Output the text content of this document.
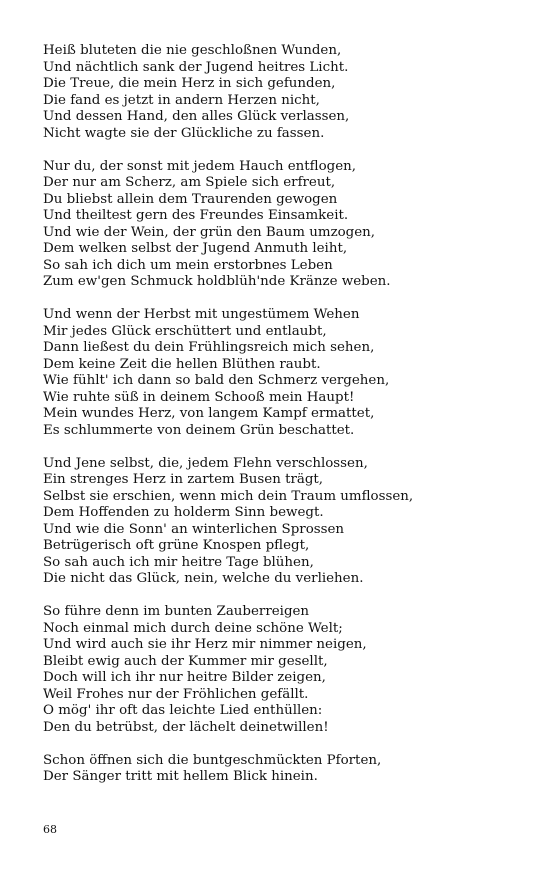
Heiß bluteten die nie geschloßnen Wunden,
Und nächtlich sank der Jugend heitres Licht.
Die Treue, die mein Herz in sich gefunden,
Die fand es jetzt in andern Herzen nicht,
Und dessen Hand, den alles Glück verlassen,
Nicht wagte sie der Glückliche zu fassen.
Nur du, der sonst mit jedem Hauch entflogen,
Der nur am Scherz, am Spiele sich erfreut,
Du bliebst allein dem Traurenden gewogen
Und theiltest gern des Freundes Einsamkeit.
Und wie der Wein, der grün den Baum umzogen,
Dem welken selbst der Jugend Anmuth leiht,
So sah ich dich um mein erstorbnes Leben
Zum ew'gen Schmuck holdblüh'nde Kränze weben.
Und wenn der Herbst mit ungestümem Wehen
Mir jedes Glück erschüttert und entlaubt,
Dann ließest du dein Frühlingsreich mich sehen,
Dem keine Zeit die hellen Blüthen raubt.
Wie fühlt' ich dann so bald den Schmerz vergehen,
Wie ruhte süß in deinem Schooß mein Haupt!
Mein wundes Herz, von langem Kampf ermattet,
Es schlummerte von deinem Grün beschattet.
Und Jene selbst, die, jedem Flehn verschlossen,
Ein strenges Herz in zartem Busen trägt,
Selbst sie erschien, wenn mich dein Traum umflossen,
Dem Hoffenden zu holderm Sinn bewegt.
Und wie die Sonn' an winterlichen Sprossen
Betrügerisch oft grüne Knospen pflegt,
So sah auch ich mir heitre Tage blühen,
Die nicht das Glück, nein, welche du verliehen.
So führe denn im bunten Zauberreigen
Noch einmal mich durch deine schöne Welt;
Und wird auch sie ihr Herz mir nimmer neigen,
Bleibt ewig auch der Kummer mir gesellt,
Doch will ich ihr nur heitre Bilder zeigen,
Weil Frohes nur der Fröhlichen gefällt.
O mög' ihr oft das leichte Lied enthüllen:
Den du betrübst, der lächelt deinetwillen!
Schon öffnen sich die buntgeschmückten Pforten,
Der Sänger tritt mit hellem Blick hinein.
68
